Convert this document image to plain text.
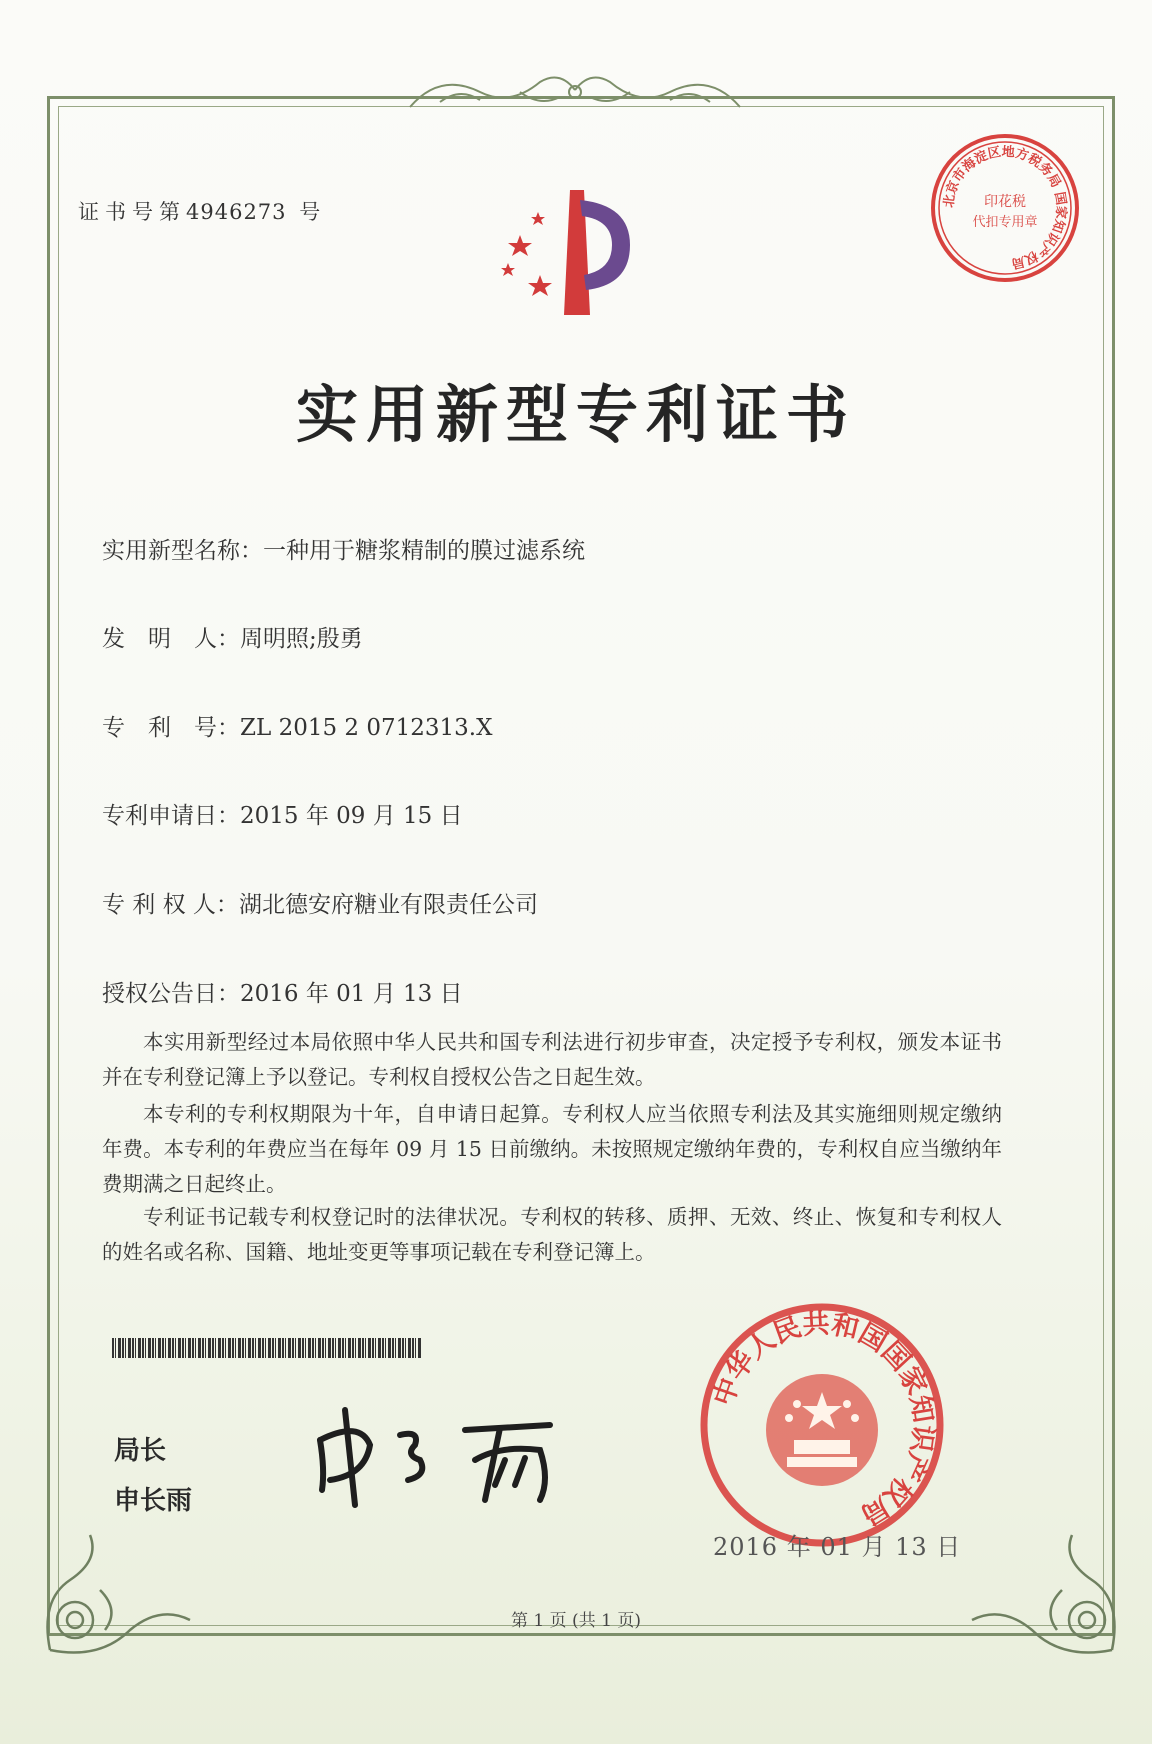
证书号第4946273 号
实用新型专利证书
实用新型名称：一种用于糖浆精制的膜过滤系统
发　明　人：周明照;殷勇
专　利　号：ZL 2015 2 0712313.X
专利申请日：2015 年 09 月 15 日
专 利 权 人：湖北德安府糖业有限责任公司
授权公告日：2016 年 01 月 13 日
本实用新型经过本局依照中华人民共和国专利法进行初步审查，决定授予专利权，颁发本证书并在专利登记簿上予以登记。专利权自授权公告之日起生效。
本专利的专利权期限为十年，自申请日起算。专利权人应当依照专利法及其实施细则规定缴纳年费。本专利的年费应当在每年 09 月 15 日前缴纳。未按照规定缴纳年费的，专利权自应当缴纳年费期满之日起终止。
专利证书记载专利权登记时的法律状况。专利权的转移、质押、无效、终止、恢复和专利权人的姓名或名称、国籍、地址变更等事项记载在专利登记簿上。
局长
申长雨
北京市海淀区地方税务局 国家知识产权局
印花税
代扣专用章
中华人民共和国国家知识产权局
2016 年 01 月 13 日
第 1 页 (共 1 页)
